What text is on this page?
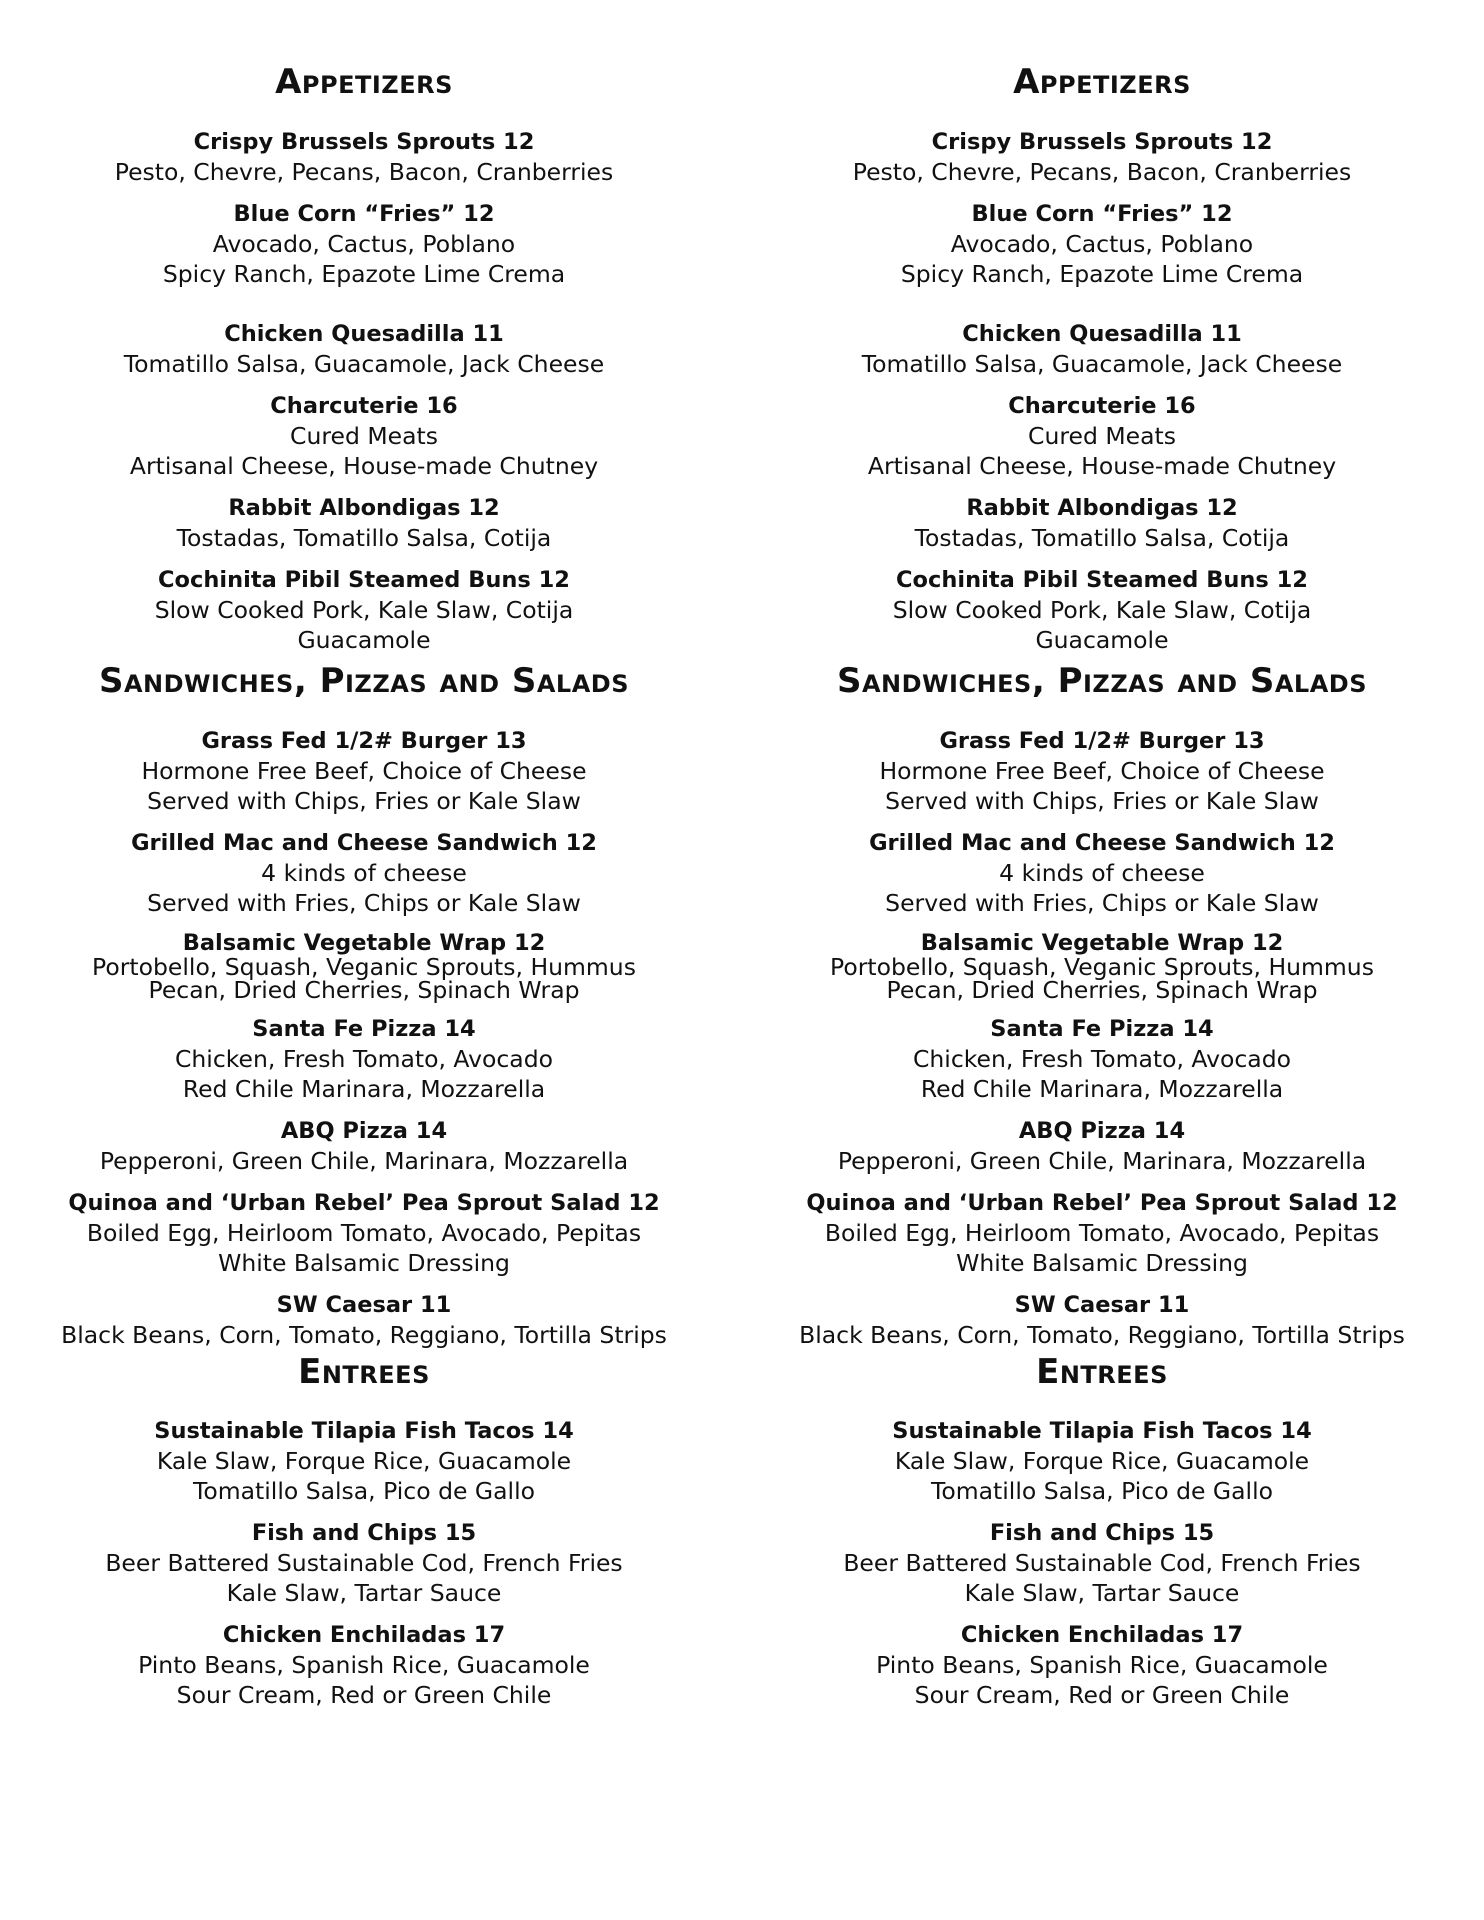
Appetizers
Crispy Brussels Sprouts 12
Pesto, Chevre, Pecans, Bacon, Cranberries
Blue Corn “Fries” 12
Avocado, Cactus, Poblano
Spicy Ranch, Epazote Lime Crema
Chicken Quesadilla 11
Tomatillo Salsa, Guacamole, Jack Cheese
Charcuterie 16
Cured Meats
Artisanal Cheese, House-made Chutney
Rabbit Albondigas 12
Tostadas, Tomatillo Salsa, Cotija
Cochinita Pibil Steamed Buns 12
Slow Cooked Pork, Kale Slaw, Cotija
Guacamole
Sandwiches, Pizzas and Salads
Grass Fed 1/2# Burger 13
Hormone Free Beef, Choice of Cheese
Served with Chips, Fries or Kale Slaw
Grilled Mac and Cheese Sandwich 12
4 kinds of cheese
Served with Fries, Chips or Kale Slaw
Balsamic Vegetable Wrap 12
Portobello, Squash, Veganic Sprouts, Hummus
Pecan, Dried Cherries, Spinach Wrap
Santa Fe Pizza 14
Chicken, Fresh Tomato, Avocado
Red Chile Marinara, Mozzarella
ABQ Pizza 14
Pepperoni, Green Chile, Marinara, Mozzarella
Quinoa and ‘Urban Rebel’ Pea Sprout Salad 12
Boiled Egg, Heirloom Tomato, Avocado, Pepitas
White Balsamic Dressing
SW Caesar 11
Black Beans, Corn, Tomato, Reggiano, Tortilla Strips
Entrees
Sustainable Tilapia Fish Tacos 14
Kale Slaw, Forque Rice, Guacamole
Tomatillo Salsa, Pico de Gallo
Fish and Chips 15
Beer Battered Sustainable Cod, French Fries
Kale Slaw, Tartar Sauce
Chicken Enchiladas 17
Pinto Beans, Spanish Rice, Guacamole
Sour Cream, Red or Green Chile
Appetizers
Crispy Brussels Sprouts 12
Pesto, Chevre, Pecans, Bacon, Cranberries
Blue Corn “Fries” 12
Avocado, Cactus, Poblano
Spicy Ranch, Epazote Lime Crema
Chicken Quesadilla 11
Tomatillo Salsa, Guacamole, Jack Cheese
Charcuterie 16
Cured Meats
Artisanal Cheese, House-made Chutney
Rabbit Albondigas 12
Tostadas, Tomatillo Salsa, Cotija
Cochinita Pibil Steamed Buns 12
Slow Cooked Pork, Kale Slaw, Cotija
Guacamole
Sandwiches, Pizzas and Salads
Grass Fed 1/2# Burger 13
Hormone Free Beef, Choice of Cheese
Served with Chips, Fries or Kale Slaw
Grilled Mac and Cheese Sandwich 12
4 kinds of cheese
Served with Fries, Chips or Kale Slaw
Balsamic Vegetable Wrap 12
Portobello, Squash, Veganic Sprouts, Hummus
Pecan, Dried Cherries, Spinach Wrap
Santa Fe Pizza 14
Chicken, Fresh Tomato, Avocado
Red Chile Marinara, Mozzarella
ABQ Pizza 14
Pepperoni, Green Chile, Marinara, Mozzarella
Quinoa and ‘Urban Rebel’ Pea Sprout Salad 12
Boiled Egg, Heirloom Tomato, Avocado, Pepitas
White Balsamic Dressing
SW Caesar 11
Black Beans, Corn, Tomato, Reggiano, Tortilla Strips
Entrees
Sustainable Tilapia Fish Tacos 14
Kale Slaw, Forque Rice, Guacamole
Tomatillo Salsa, Pico de Gallo
Fish and Chips 15
Beer Battered Sustainable Cod, French Fries
Kale Slaw, Tartar Sauce
Chicken Enchiladas 17
Pinto Beans, Spanish Rice, Guacamole
Sour Cream, Red or Green Chile
